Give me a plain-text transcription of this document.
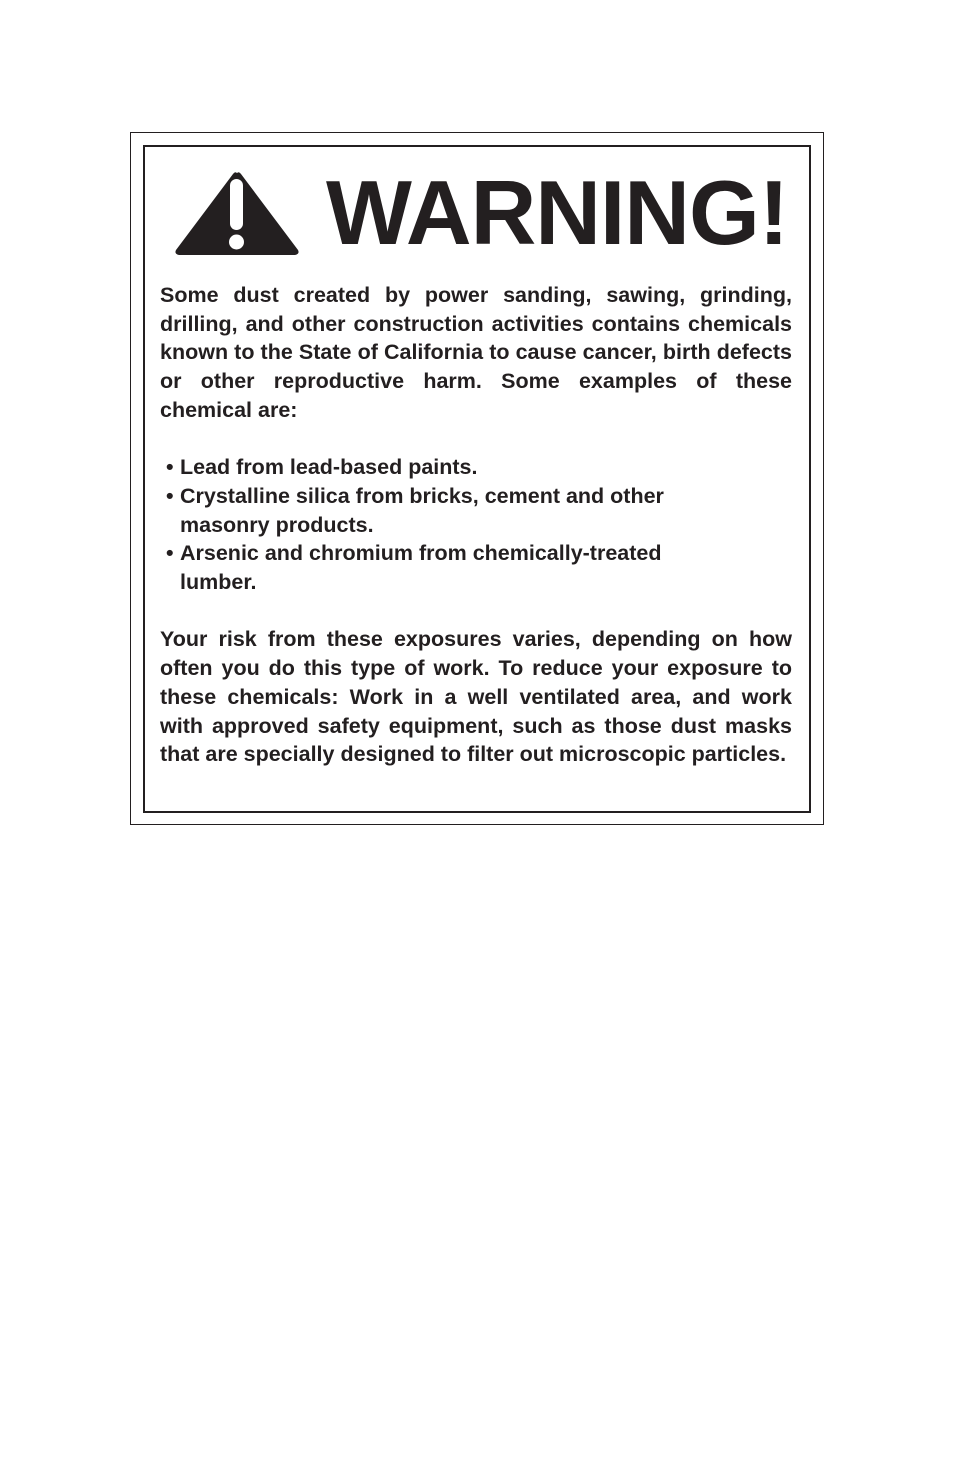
WARNING!

Some dust created by power sanding, sawing, grinding, drilling, and other construction activities contains chemicals known to the State of California to cause cancer, birth defects or other reproductive harm. Some examples of these chemical are:

• Lead from lead-based paints.
• Crystalline silica from bricks, cement and other masonry products.
• Arsenic and chromium from chemically-treated lumber.

Your risk from these exposures varies, depending on how often you do this type of work. To reduce your exposure to these chemicals: Work in a well ventilated area, and work with approved safety equipment, such as those dust masks that are specially designed to filter out microscopic particles.
